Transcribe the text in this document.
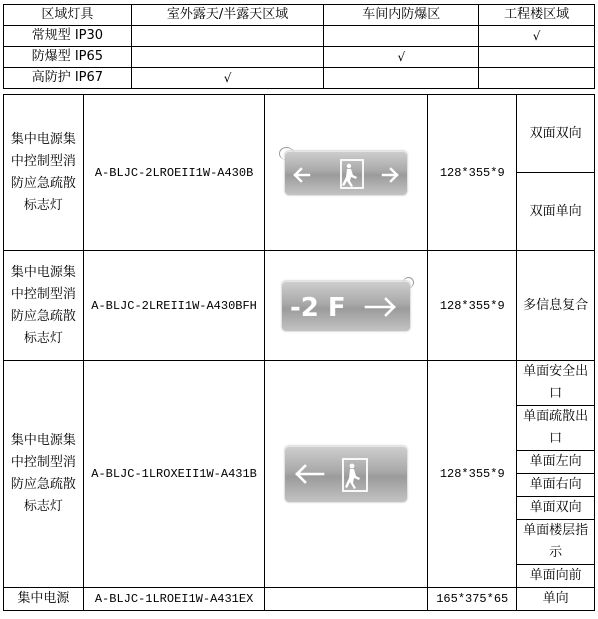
区域灯具	室外露天/半露天区域	车间内防爆区	工程楼区域
常规型 IP30			√
防爆型 IP65		√	
高防护 IP67	√		
集中电源集中控制型消防应急疏散标志灯	A-BLJC-2LROEII1W-A430B		128*355*9	双面双向
				双面单向
集中电源集中控制型消防应急疏散标志灯	A-BLJC-2LREII1W-A430BFH	-2 F	128*355*9	多信息复合
集中电源集中控制型消防应急疏散标志灯	A-BLJC-1LROXEII1W-A431B		128*355*9	单面安全出口
				单面疏散出口
				单面左向
				单面右向
				单面双向
				单面楼层指示
				单面向前
集中电源	A-BLJC-1LROEI1W-A431EX		165*375*65	单向
